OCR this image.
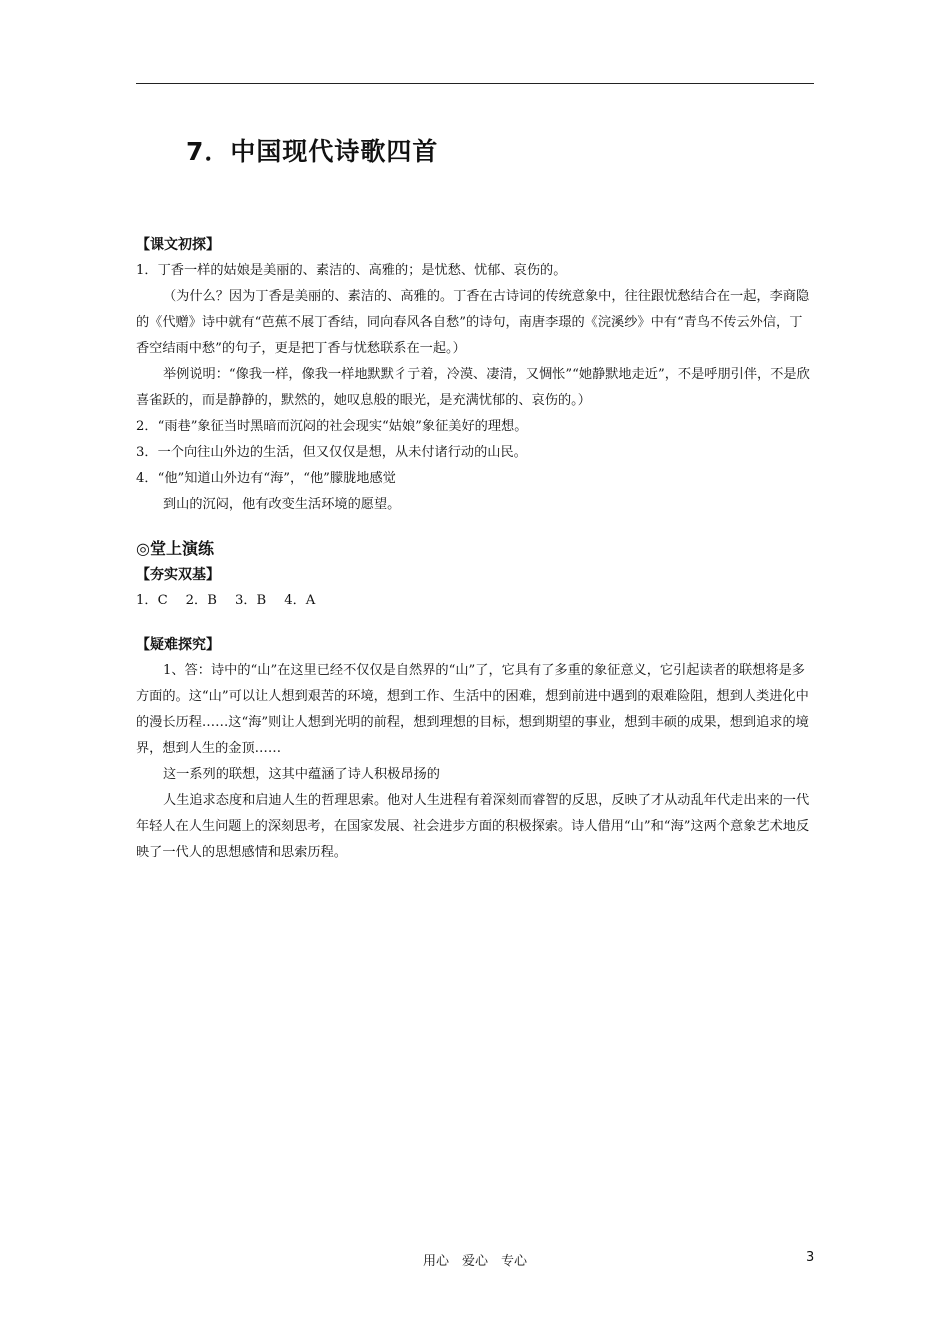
7．中国现代诗歌四首
【课文初探】

1．丁香一样的姑娘是美丽的、素洁的、高雅的；是忧愁、忧郁、哀伤的。

（为什么？因为丁香是美丽的、素洁的、高雅的。丁香在古诗词的传统意象中，往往跟忧愁结合在一起，李商隐的《代赠》诗中就有“芭蕉不展丁香结，同向春风各自愁”的诗句，南唐李璟的《浣溪纱》中有“青鸟不传云外信，丁香空结雨中愁”的句子，更是把丁香与忧愁联系在一起。）

举例说明：“像我一样，像我一样地默默彳亍着，冷漠、凄清，又惆怅”“她静默地走近”，不是呼朋引伴，不是欣喜雀跃的，而是静静的，默然的，她叹息般的眼光，是充满忧郁的、哀伤的。）

2．“雨巷”象征当时黑暗而沉闷的社会现实“姑娘”象征美好的理想。

3．一个向往山外边的生活，但又仅仅是想，从未付诸行动的山民。

4．“他”知道山外边有“海”，“他”朦胧地感觉

到山的沉闷，他有改变生活环境的愿望。

◎堂上演练
【夯实双基】

1．C 2．B 3．B 4．A

【疑难探究】

1、答：诗中的“山”在这里已经不仅仅是自然界的“山”了，它具有了多重的象征意义，它引起读者的联想将是多方面的。这“山”可以让人想到艰苦的环境，想到工作、生活中的困难，想到前进中遇到的艰难险阻，想到人类进化中的漫长历程……这“海”则让人想到光明的前程，想到理想的目标，想到期望的事业，想到丰硕的成果，想到追求的境界，想到人生的金顶……

这一系列的联想，这其中蕴涵了诗人积极昂扬的

人生追求态度和启迪人生的哲理思索。他对人生进程有着深刻而睿智的反思，反映了才从动乱年代走出来的一代年轻人在人生问题上的深刻思考，在国家发展、社会进步方面的积极探索。诗人借用“山”和“海”这两个意象艺术地反映了一代人的思想感情和思索历程。

用心　爱心　专心	3
